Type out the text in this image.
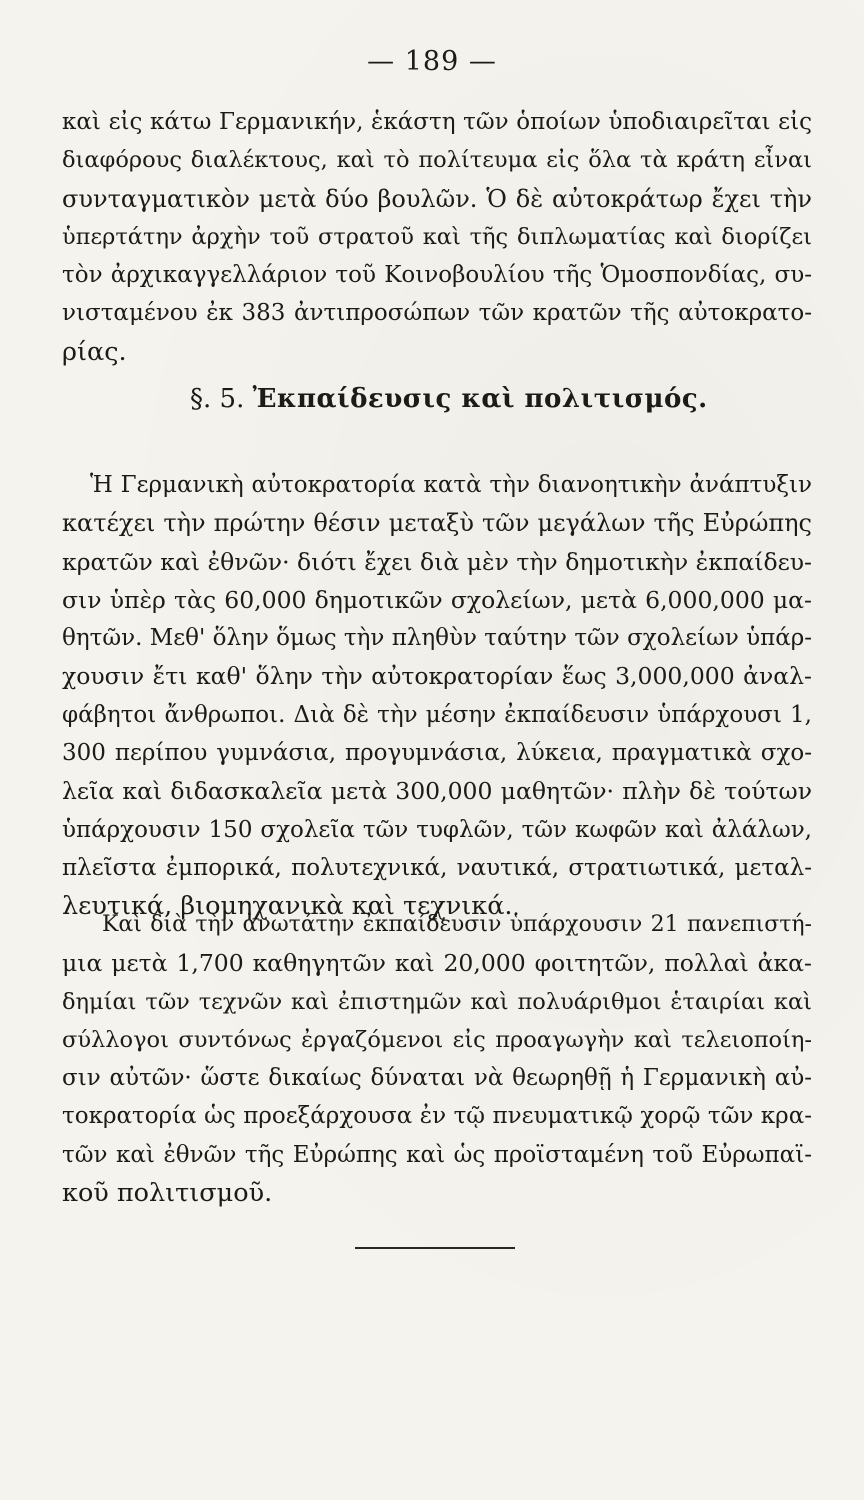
— 189 —
καὶ εἰς κάτω Γερμανικήν, ἑκάστη τῶν ὁποίων ὑποδιαιρεῖται εἰς
διαφόρους διαλέκτους, καὶ τὸ πολίτευμα εἰς ὅλα τὰ κράτη εἶναι
συνταγματικὸν μετὰ δύο βουλῶν. Ὁ δὲ αὐτοκράτωρ ἔχει τὴν
ὑπερτάτην ἀρχὴν τοῦ στρατοῦ καὶ τῆς διπλωματίας καὶ διορίζει
τὸν ἀρχικαγγελλάριον τοῦ Κοινοβουλίου τῆς Ὁμοσπονδίας, συ-
νισταμένου ἐκ 383 ἀντιπροσώπων τῶν κρατῶν τῆς αὐτοκρατο-
ρίας.
§. 5. Ἐκπαίδευσις καὶ πολιτισμός.
Ἡ Γερμανικὴ αὐτοκρατορία κατὰ τὴν διανοητικὴν ἀνάπτυξιν
κατέχει τὴν πρώτην θέσιν μεταξὺ τῶν μεγάλων τῆς Εὐρώπης
κρατῶν καὶ ἐθνῶν· διότι ἔχει διὰ μὲν τὴν δημοτικὴν ἐκπαίδευ-
σιν ὑπὲρ τὰς 60,000 δημοτικῶν σχολείων, μετὰ 6,000,000 μα-
θητῶν. Μεθ' ὅλην ὅμως τὴν πληθὺν ταύτην τῶν σχολείων ὑπάρ-
χουσιν ἔτι καθ' ὅλην τὴν αὐτοκρατορίαν ἕως 3,000,000 ἀναλ-
φάβητοι ἄνθρωποι. Διὰ δὲ τὴν μέσην ἐκπαίδευσιν ὑπάρχουσι 1,
300 περίπου γυμνάσια, προγυμνάσια, λύκεια, πραγματικὰ σχο-
λεῖα καὶ διδασκαλεῖα μετὰ 300,000 μαθητῶν· πλὴν δὲ τούτων
ὑπάρχουσιν 150 σχολεῖα τῶν τυφλῶν, τῶν κωφῶν καὶ ἀλάλων,
πλεῖστα ἐμπορικά, πολυτεχνικά, ναυτικά, στρατιωτικά, μεταλ-
λευτικά, βιομηχανικὰ καὶ τεχνικά.
Καὶ διὰ τὴν ἀνωτάτην ἐκπαίδευσιν ὑπάρχουσιν 21 πανεπιστή-
μια μετὰ 1,700 καθηγητῶν καὶ 20,000 φοιτητῶν, πολλαὶ ἀκα-
δημίαι τῶν τεχνῶν καὶ ἐπιστημῶν καὶ πολυάριθμοι ἑταιρίαι καὶ
σύλλογοι συντόνως ἐργαζόμενοι εἰς προαγωγὴν καὶ τελειοποίη-
σιν αὐτῶν· ὥστε δικαίως δύναται νὰ θεωρηθῇ ἡ Γερμανικὴ αὐ-
τοκρατορία ὡς προεξάρχουσα ἐν τῷ πνευματικῷ χορῷ τῶν κρα-
τῶν καὶ ἐθνῶν τῆς Εὐρώπης καὶ ὡς προϊσταμένη τοῦ Εὐρωπαϊ-
κοῦ πολιτισμοῦ.
